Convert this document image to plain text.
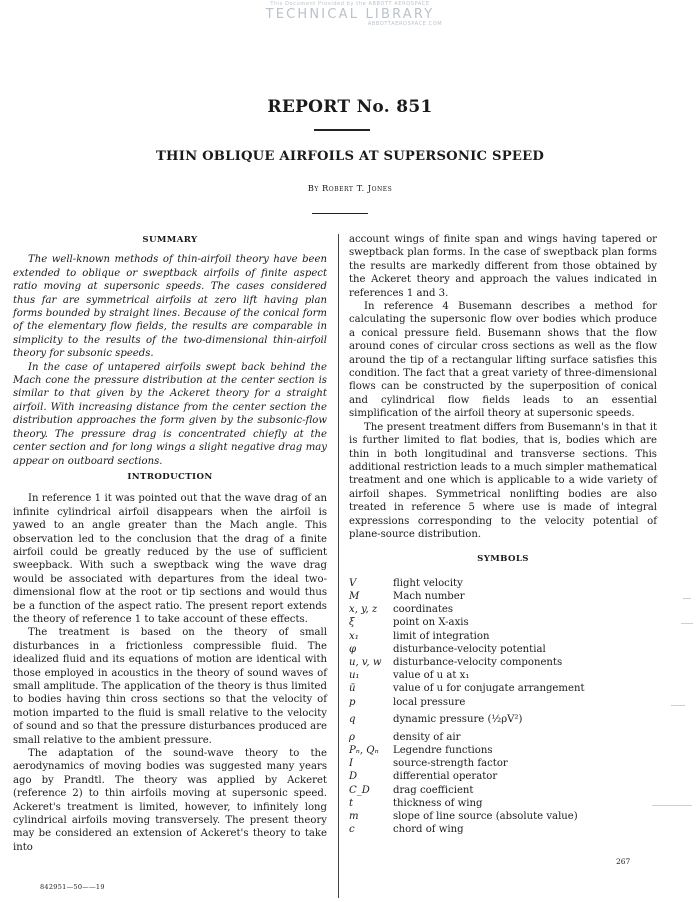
This Document Provided by the ABBOTT AEROSPACE
TECHNICAL LIBRARY
ABBOTTAEROSPACE.COM
REPORT No. 851
THIN OBLIQUE AIRFOILS AT SUPERSONIC SPEED
By Robert T. Jones
SUMMARY

The well-known methods of thin-airfoil theory have been extended to oblique or sweptback airfoils of finite aspect ratio moving at supersonic speeds. The cases considered thus far are symmetrical airfoils at zero lift having plan forms bounded by straight lines. Because of the conical form of the elementary flow fields, the results are comparable in simplicity to the results of the two-dimensional thin-airfoil theory for subsonic speeds.

In the case of untapered airfoils swept back behind the Mach cone the pressure distribution at the center section is similar to that given by the Ackeret theory for a straight airfoil. With increasing distance from the center section the distribution approaches the form given by the subsonic-flow theory. The pressure drag is concentrated chiefly at the center section and for long wings a slight negative drag may appear on outboard sections.

INTRODUCTION

In reference 1 it was pointed out that the wave drag of an infinite cylindrical airfoil disappears when the airfoil is yawed to an angle greater than the Mach angle. This observation led to the conclusion that the drag of a finite airfoil could be greatly reduced by the use of sufficient sweepback. With such a sweptback wing the wave drag would be associated with departures from the ideal two-dimensional flow at the root or tip sections and would thus be a function of the aspect ratio. The present report extends the theory of reference 1 to take account of these effects.

The treatment is based on the theory of small disturbances in a frictionless compressible fluid. The idealized fluid and its equations of motion are identical with those employed in acoustics in the theory of sound waves of small amplitude. The application of the theory is thus limited to bodies having thin cross sections so that the velocity of motion imparted to the fluid is small relative to the velocity of sound and so that the pressure disturbances produced are small relative to the ambient pressure.

The adaptation of the sound-wave theory to the aerodynamics of moving bodies was suggested many years ago by Prandtl. The theory was applied by Ackeret (reference 2) to thin airfoils moving at supersonic speed. Ackeret's treatment is limited, however, to infinitely long cylindrical airfoils moving transversely. The present theory may be considered an extension of Ackeret's theory to take into

account wings of finite span and wings having tapered or sweptback plan forms. In the case of sweptback plan forms the results are markedly different from those obtained by the Ackeret theory and approach the values indicated in references 1 and 3.

In reference 4 Busemann describes a method for calculating the supersonic flow over bodies which produce a conical pressure field. Busemann shows that the flow around cones of circular cross sections as well as the flow around the tip of a rectangular lifting surface satisfies this condition. The fact that a great variety of three-dimensional flows can be constructed by the superposition of conical and cylindrical flow fields leads to an essential simplification of the airfoil theory at supersonic speeds.

The present treatment differs from Busemann's in that it is further limited to flat bodies, that is, bodies which are thin in both longitudinal and transverse sections. This additional restriction leads to a much simpler mathematical treatment and one which is applicable to a wide variety of airfoil shapes. Symmetrical nonlifting bodies are also treated in reference 5 where use is made of integral expressions corresponding to the velocity potential of plane-source distribution.

SYMBOLS
V	flight velocity
M	Mach number
x, y, z	coordinates
ξ	point on X-axis
x₁	limit of integration
φ	disturbance-velocity potential
u, v, w	disturbance-velocity components
u₁	value of u at x₁
ū	value of u for conjugate arrangement
p	local pressure
q	dynamic pressure (½ρV²)
ρ	density of air
Pₙ, Qₙ	Legendre functions
I	source-strength factor
D	differential operator
C_D	drag coefficient
t	thickness of wing
m	slope of line source (absolute value)
c	chord of wing
842951—50——19
267
